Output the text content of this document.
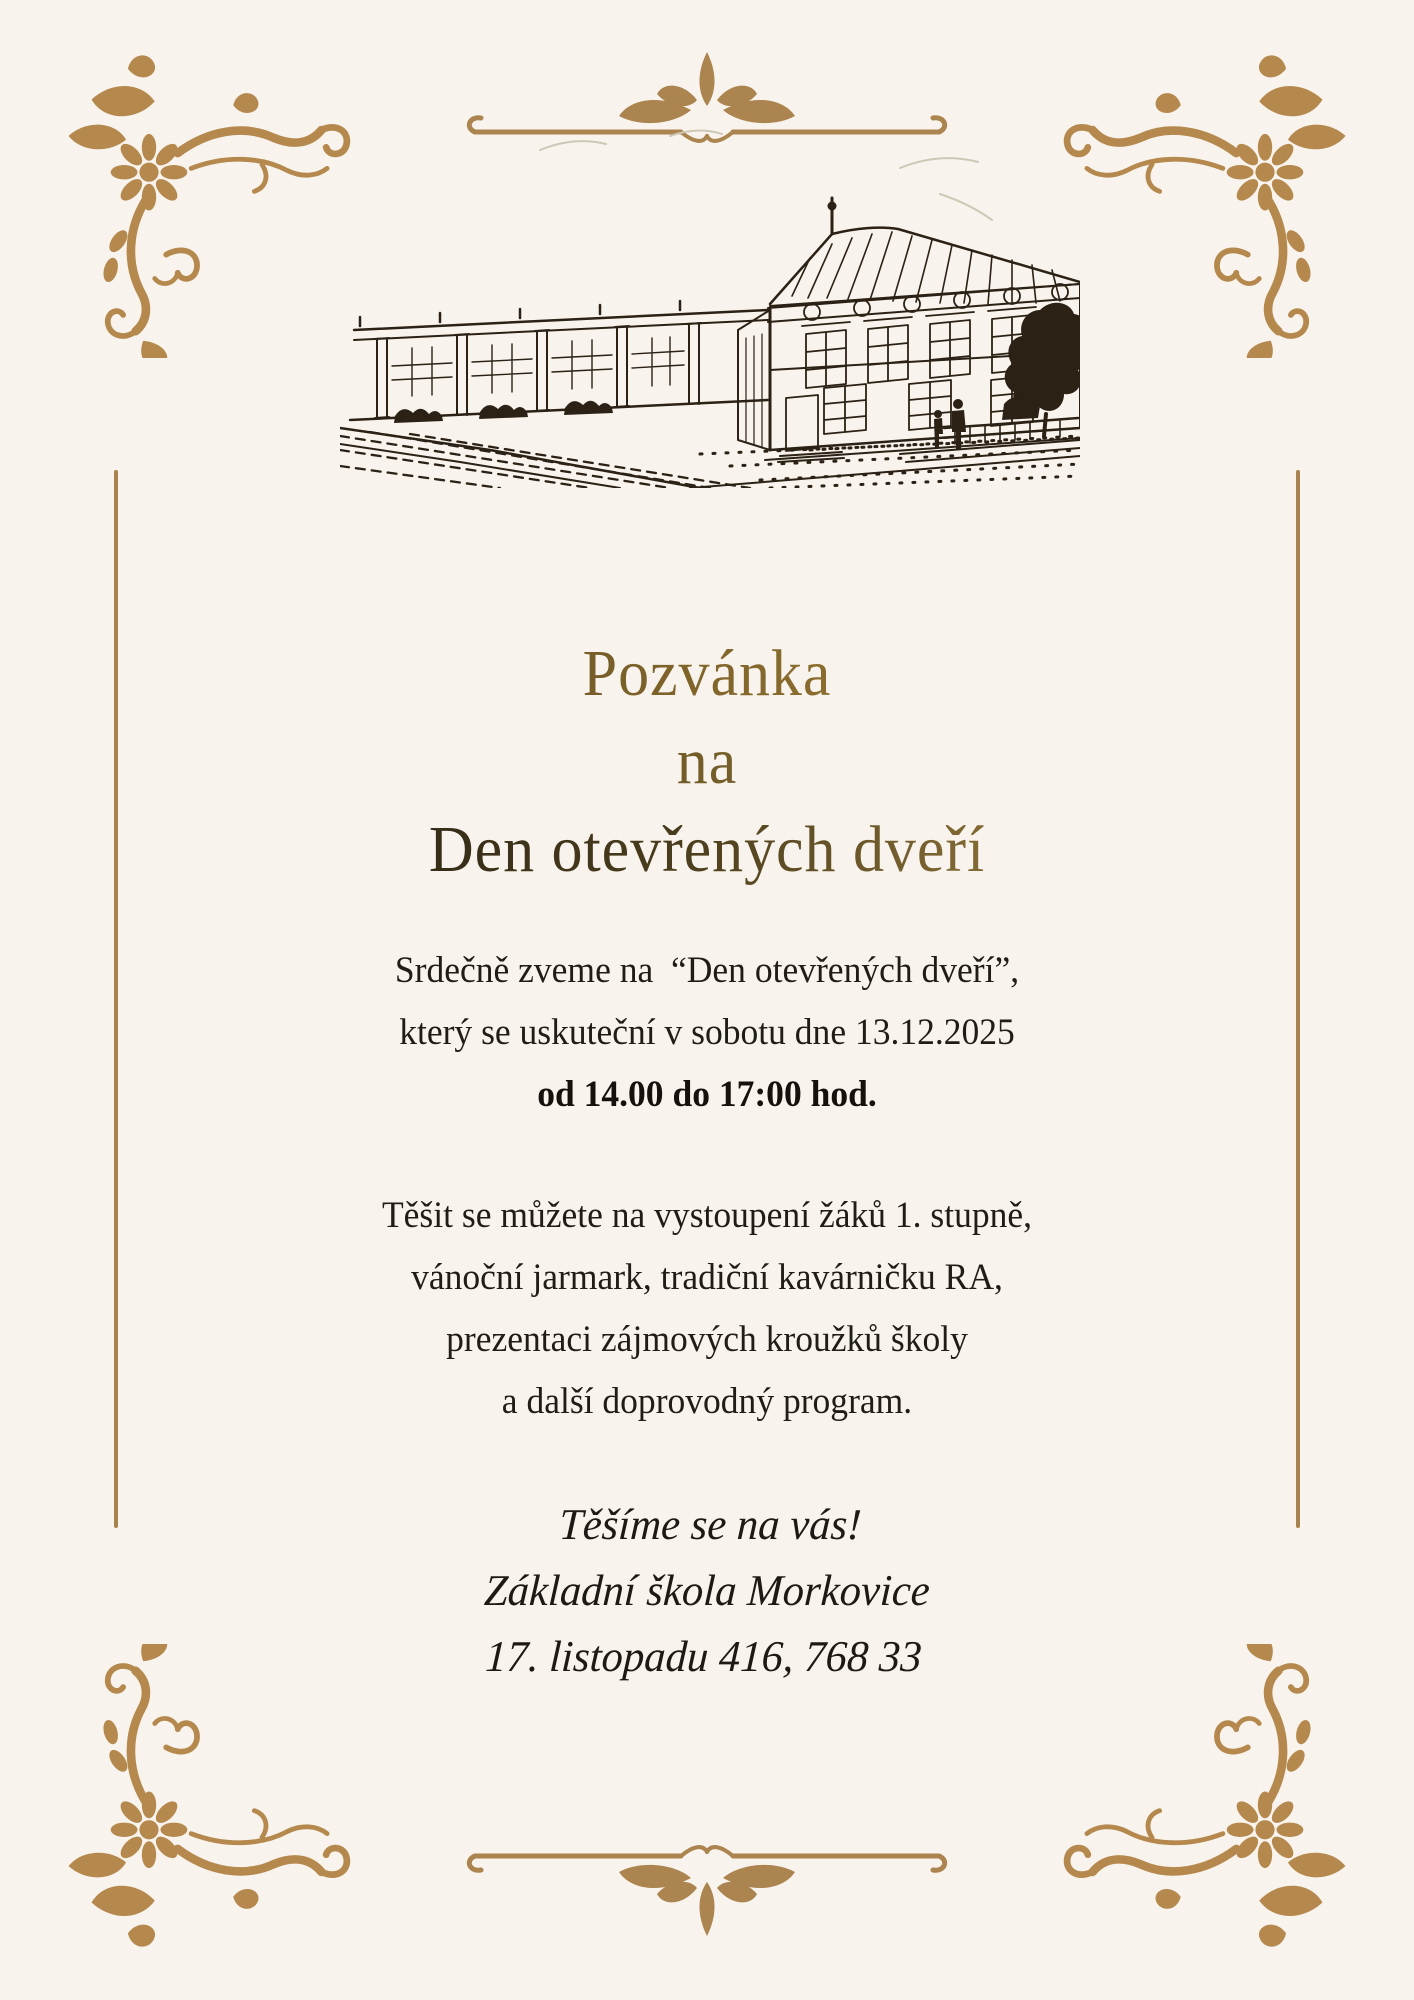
Pozvánka
na
Den otevřených dveří
Srdečně zveme na  “Den otevřených dveří”,
který se uskuteční v sobotu dne 13.12.2025
od 14.00 do 17:00 hod.
Těšit se můžete na vystoupení žáků 1. stupně,
vánoční jarmark, tradiční kavárničku RA,
prezentaci zájmových kroužků školy
a další doprovodný program.
Těšíme se na vás!
Základní škola Morkovice
17. listopadu 416, 768 33
